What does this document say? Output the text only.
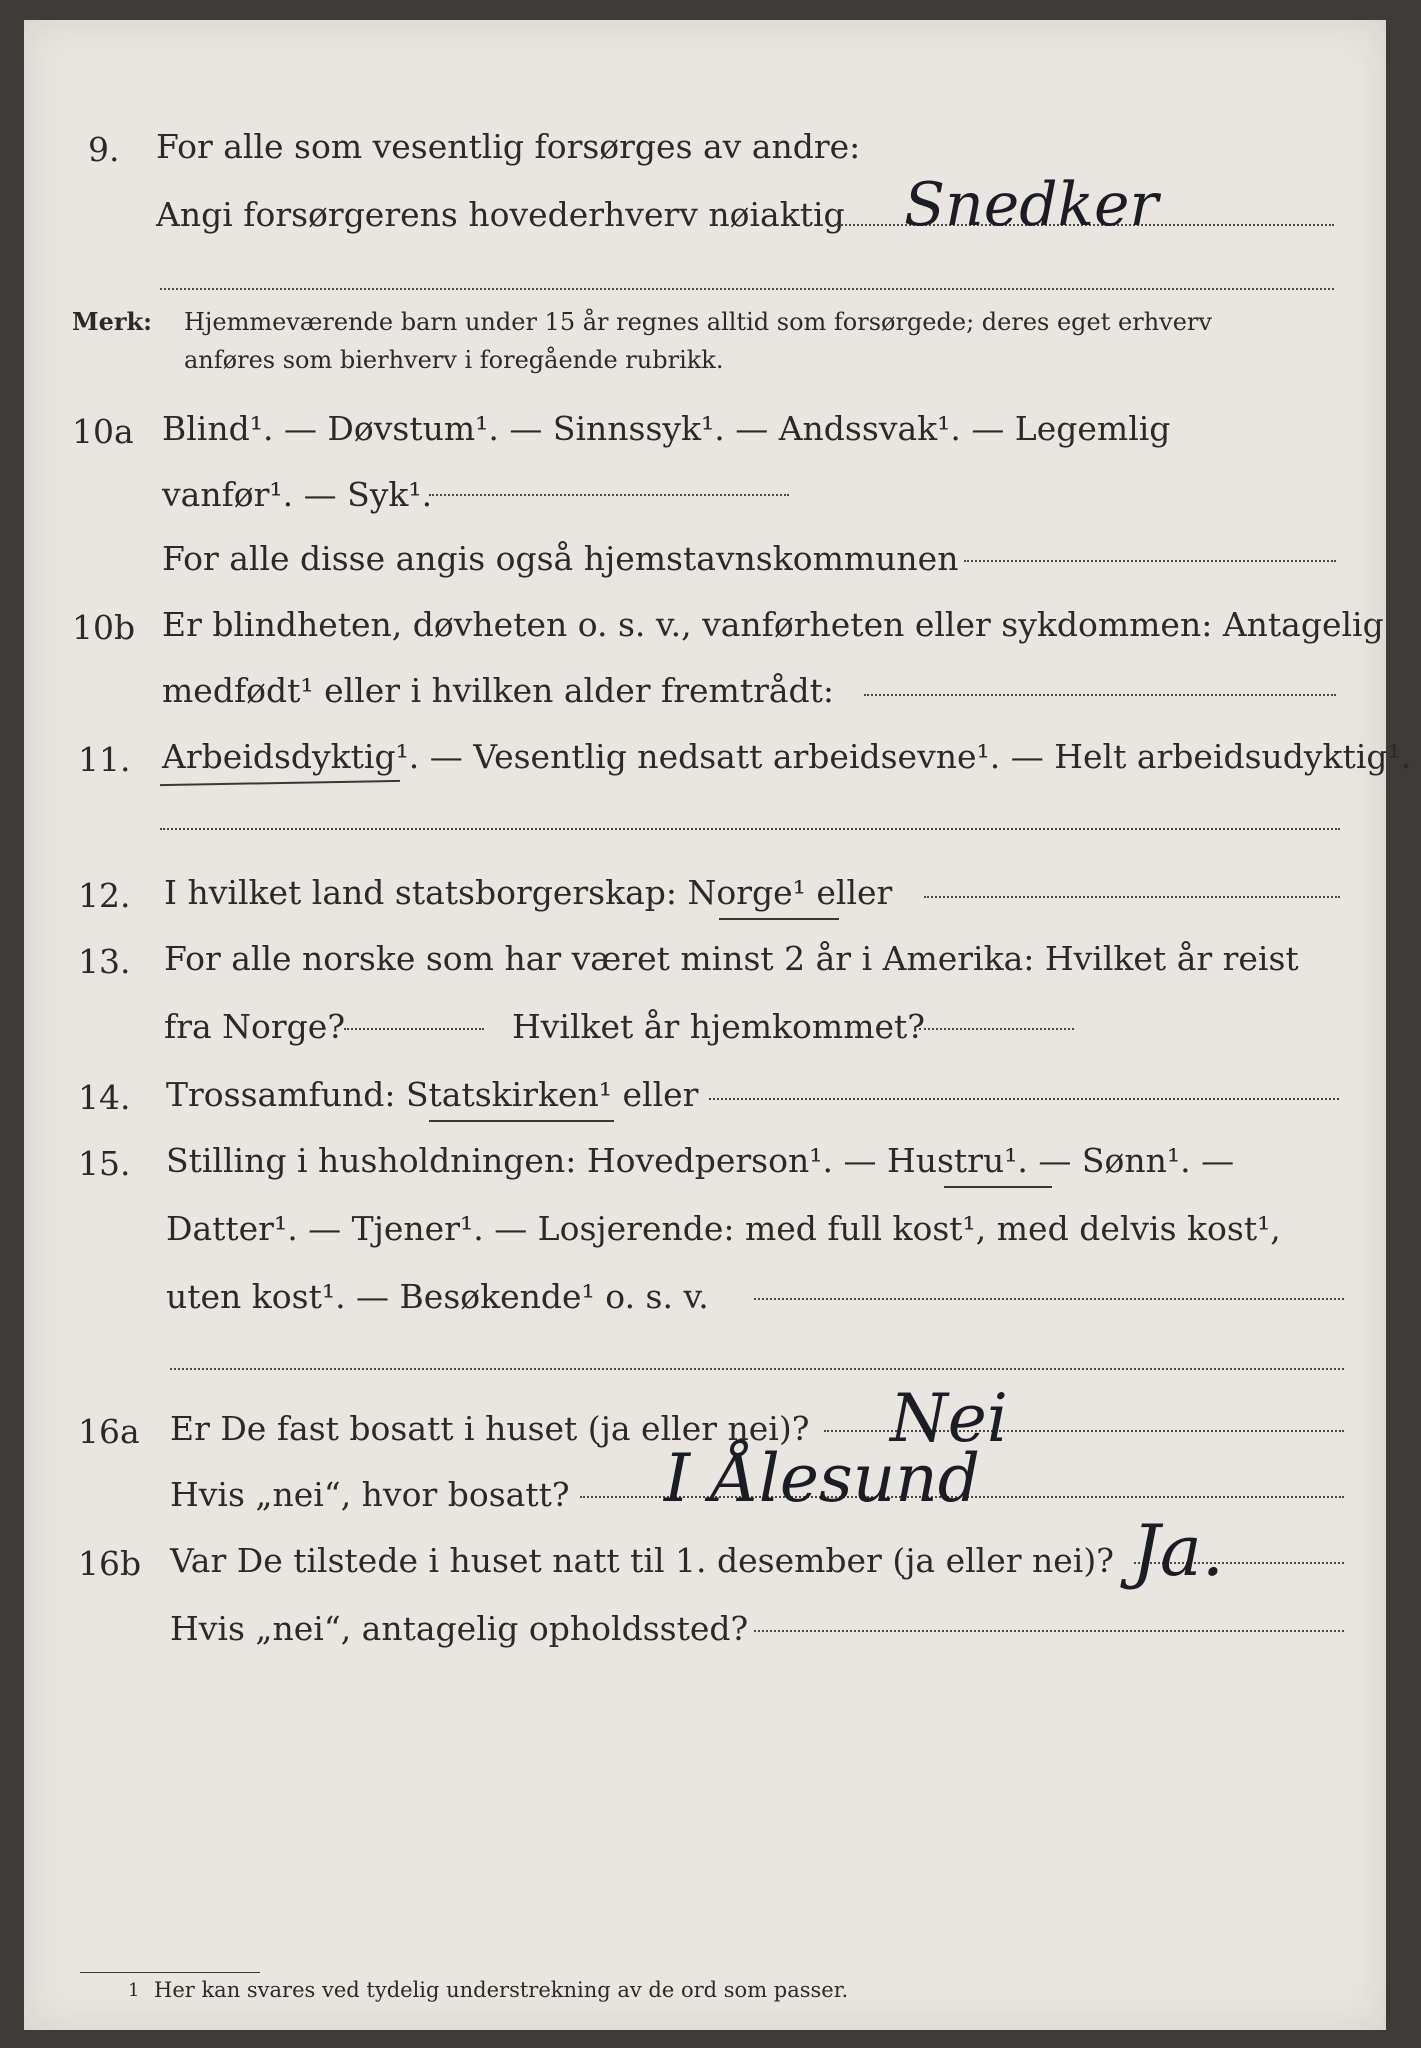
9. For alle som vesentlig forsørges av andre:
Angi forsørgerens hovederhverv nøiaktig Snedker
Merk: Hjemmeværende barn under 15 år regnes alltid som forsørgede; deres eget erhverv
anføres som bierhverv i foregående rubrikk.
10a Blind¹. — Døvstum¹. — Sinnssyk¹. — Andssvak¹. — Legemlig
vanfør¹. — Syk¹.
For alle disse angis også hjemstavnskommunen
10b Er blindheten, døvheten o. s. v., vanførheten eller sykdommen: Antagelig
medfødt¹ eller i hvilken alder fremtrådt:
11. Arbeidsdyktig¹. — Vesentlig nedsatt arbeidsevne¹. — Helt arbeidsudyktig¹.
12. I hvilket land statsborgerskap: Norge¹ eller
13. For alle norske som har været minst 2 år i Amerika: Hvilket år reist
fra Norge?	Hvilket år hjemkommet?
14. Trossamfund: Statskirken¹ eller
15. Stilling i husholdningen: Hovedperson¹. — Hustru¹. — Sønn¹. —
Datter¹. — Tjener¹. — Losjerende: med full kost¹, med delvis kost¹,
uten kost¹. — Besøkende¹ o. s. v.
16a Er De fast bosatt i huset (ja eller nei)? Nei
Hvis „nei“, hvor bosatt? I Ålesund
16b Var De tilstede i huset natt til 1. desember (ja eller nei)? Ja.
Hvis „nei“, antagelig opholdssted?
1 Her kan svares ved tydelig understrekning av de ord som passer.
